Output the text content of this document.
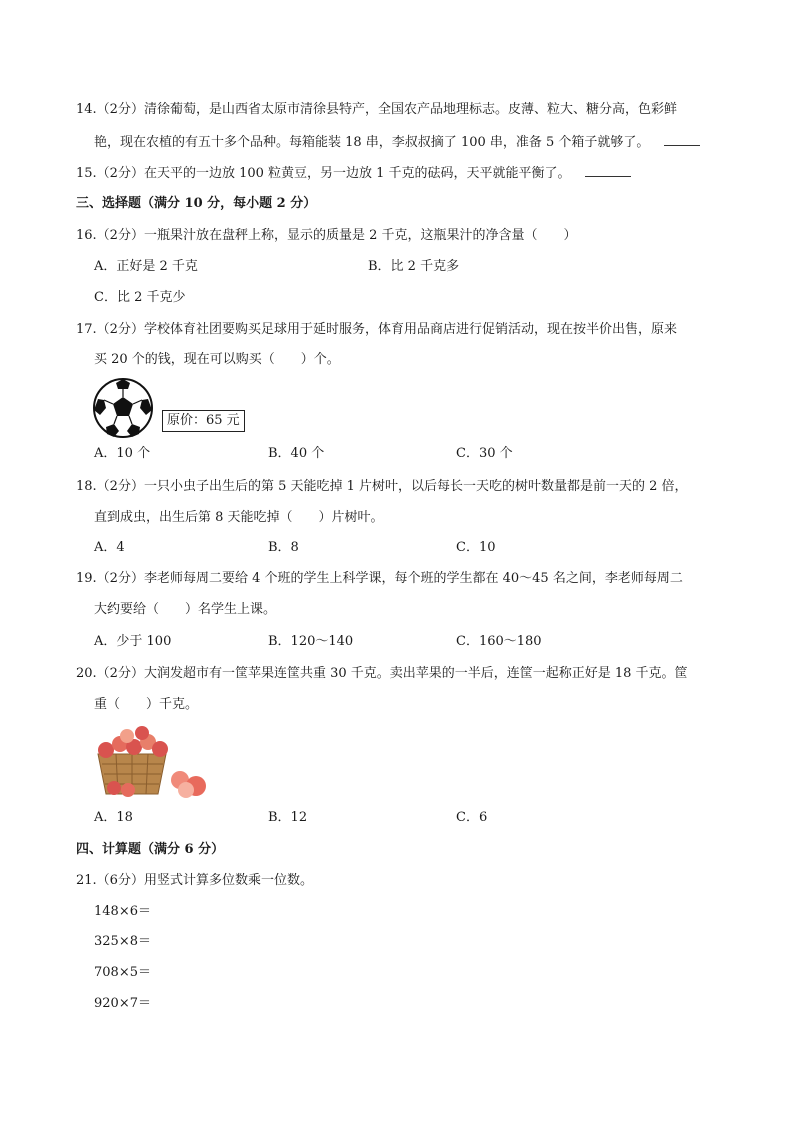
14.（2分）清徐葡萄，是山西省太原市清徐县特产，全国农产品地理标志。皮薄、粒大、糖分高，色彩鲜
艳，现在农植的有五十多个品种。每箱能装 18 串，李叔叔摘了 100 串，准备 5 个箱子就够了。
15.（2分）在天平的一边放 100 粒黄豆，另一边放 1 千克的砝码，天平就能平衡了。
三、选择题（满分 10 分，每小题 2 分）
16.（2分）一瓶果汁放在盘秤上称，显示的质量是 2 千克，这瓶果汁的净含量（　　）
A．正好是 2 千克	B．比 2 千克多
C．比 2 千克少
17.（2分）学校体育社团要购买足球用于延时服务，体育用品商店进行促销活动，现在按半价出售，原来
买 20 个的钱，现在可以购买（　　）个。
原价：65 元
A．10 个	B．40 个	C．30 个
18.（2分）一只小虫子出生后的第 5 天能吃掉 1 片树叶，以后每长一天吃的树叶数量都是前一天的 2 倍，
直到成虫，出生后第 8 天能吃掉（　　）片树叶。
A．4	B．8	C．10
19.（2分）李老师每周二要给 4 个班的学生上科学课，每个班的学生都在 40～45 名之间，李老师每周二
大约要给（　　）名学生上课。
A．少于 100	B．120～140	C．160～180
20.（2分）大润发超市有一筐苹果连筐共重 30 千克。卖出苹果的一半后，连筐一起称正好是 18 千克。筐
重（　　）千克。
A．18	B．12	C．6
四、计算题（满分 6 分）
21.（6分）用竖式计算多位数乘一位数。
148×6＝
325×8＝
708×5＝
920×7＝
